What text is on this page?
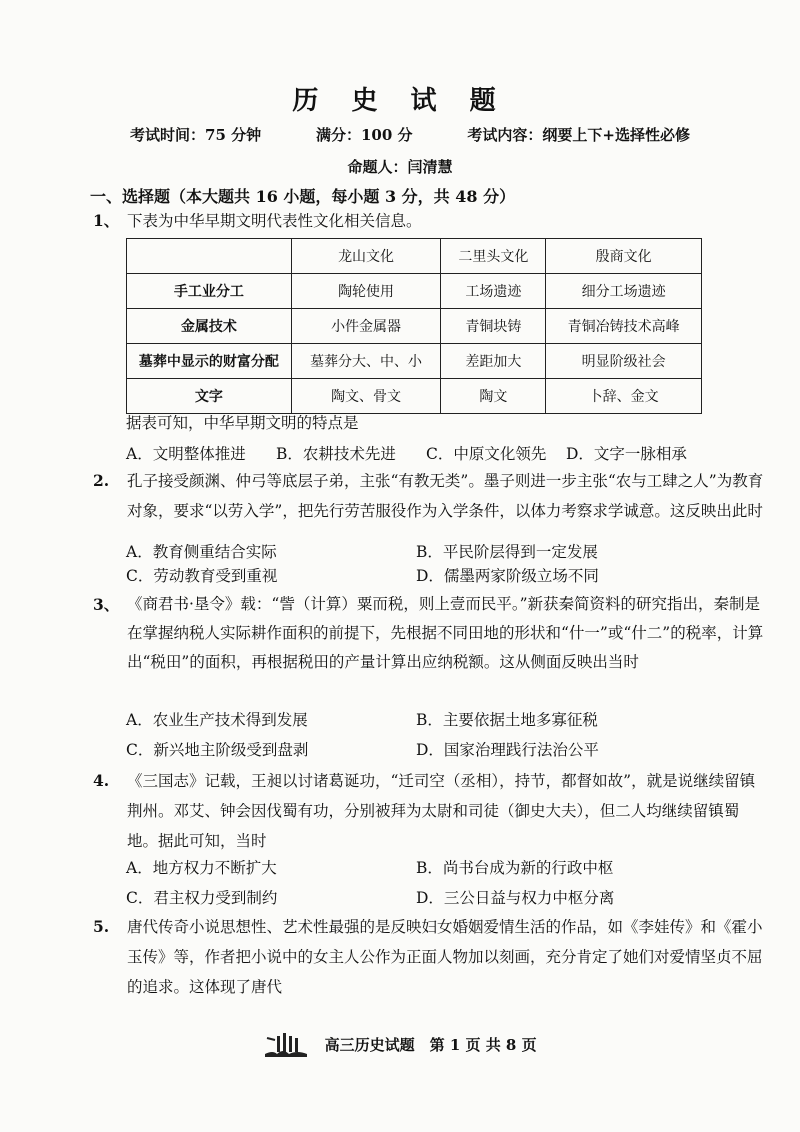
历 史 试 题
考试时间：75 分钟	满分：100 分	考试内容：纲要上下+选择性必修
命题人：闫清慧
一、选择题（本大题共 16 小题，每小题 3 分，共 48 分）
1、 下表为中华早期文明代表性文化相关信息。
	龙山文化	二里头文化	殷商文化
手工业分工	陶轮使用	工场遗迹	细分工场遗迹
金属技术	小件金属器	青铜块铸	青铜冶铸技术高峰
墓葬中显示的财富分配	墓葬分大、中、小	差距加大	明显阶级社会
文字	陶文、骨文	陶文	卜辞、金文
据表可知，中华早期文明的特点是
A．文明整体推进 B．农耕技术先进 C．中原文化领先 D．文字一脉相承
2. 孔子接受颜渊、仲弓等底层子弟，主张“有教无类”。墨子则进一步主张“农与工肆之人”为教育对象，要求“以劳入学”，把先行劳苦服役作为入学条件，以体力考察求学诚意。这反映出此时
A．教育侧重结合实际	B．平民阶层得到一定发展
C．劳动教育受到重视	D．儒墨两家阶级立场不同
3、 《商君书·垦令》载：“訾（计算）粟而税，则上壹而民平。”新获秦简资料的研究指出，秦制是在掌握纳税人实际耕作面积的前提下，先根据不同田地的形状和“什一”或“什二”的税率，计算出“税田”的面积，再根据税田的产量计算出应纳税额。这从侧面反映出当时
A．农业生产技术得到发展	B．主要依据土地多寡征税
C．新兴地主阶级受到盘剥	D．国家治理践行法治公平
4. 《三国志》记载，王昶以讨诸葛诞功，“迁司空（丞相），持节，都督如故”，就是说继续留镇荆州。邓艾、钟会因伐蜀有功，分别被拜为太尉和司徒（御史大夫），但二人均继续留镇蜀地。据此可知，当时
A．地方权力不断扩大	B．尚书台成为新的行政中枢
C．君主权力受到制约	D．三公日益与权力中枢分离
5. 唐代传奇小说思想性、艺术性最强的是反映妇女婚姻爱情生活的作品，如《李娃传》和《霍小玉传》等，作者把小说中的女主人公作为正面人物加以刻画，充分肯定了她们对爱情坚贞不屈的追求。这体现了唐代
高三历史试题　第 1 页 共 8 页
